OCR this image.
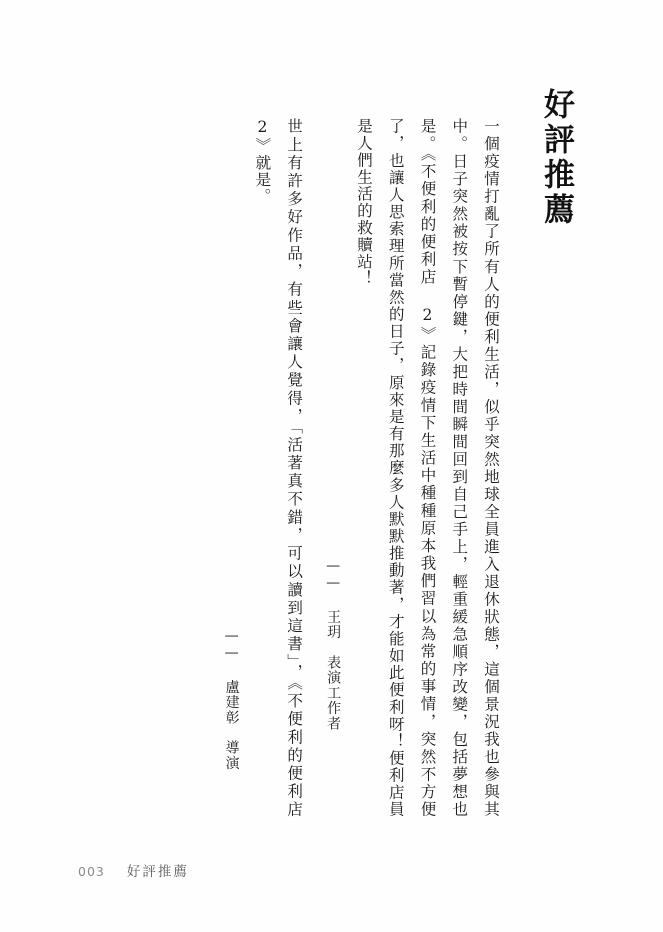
好評推薦
一個疫情打亂了所有人的便利生活，似乎突然地球全員進入退休狀態，這個景況我也參與其中。日子突然被按下暫停鍵，大把時間瞬間回到自己手上，輕重緩急順序改變，包括夢想也是。《不便利的便利店 2》記錄疫情下生活中種種原本我們習以為常的事情，突然不方便了，也讓人思索理所當然的日子，原來是有那麼多人默默推動著，才能如此便利呀！便利店員是人們生活的救贖站！
—— 王玥　表演工作者
世上有許多好作品，有些會讓人覺得，「活著真不錯，可以讀到這書」，《不便利的便利店 2》就是。
—— 盧建彰　導演
003 好評推薦
